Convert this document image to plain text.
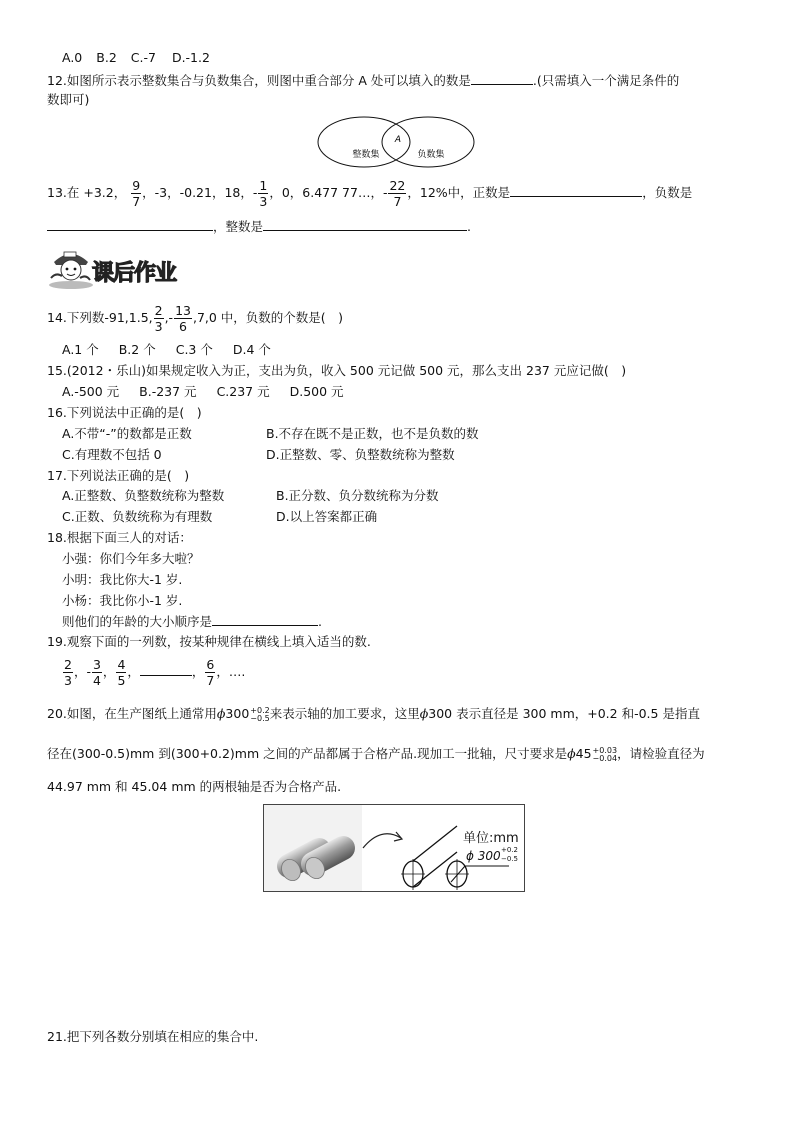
A.0 B.2 C.-7 D.-1.2
12.如图所示表示整数集合与负数集合，则图中重合部分 A 处可以填入的数是	.(只需填入一个满足条件的
数即可)
A
整数集	负数集
13.在 +3.2， $\frac{9}{7}$ ，-3，-0.21，18，- $\frac{1}{3}$ ，0，6.477 77…，- $\frac{22}{7}$ ，12%中，正数是	，负数是
，整数是	.
课后作业
14.下列数-91,1.5, $\frac{2}{3}$ ,- $\frac{13}{6} ,7,0$ 中，负数的个数是(　)
A.1 个 B.2 个 C.3 个 D.4 个
15.(2012・乐山)如果规定收入为正，支出为负，收入 500 元记做 500 元，那么支出 237 元应记做(　)
A.-500 元 B.-237 元 C.237 元 D.500 元
16.下列说法中正确的是(　)
A.不带“-”的数都是正数	B.不存在既不是正数，也不是负数的数
C.有理数不包括 0	D.正整数、零、负整数统称为整数
17.下列说法正确的是(　)
A.正整数、负整数统称为整数	B.正分数、负分数统称为分数
C.正数、负数统称为有理数	D.以上答案都正确
18.根据下面三人的对话：
小强：你们今年多大啦？
小明：我比你大-1 岁.
小杨：我比你小-1 岁.
则他们的年龄的大小顺序是	.
19.观察下面的一列数，按某种规律在横线上填入适当的数.
$\frac{2}{3}$ ，- $\frac{3}{4}$ ， $\frac{4}{5}$ ，	， $\frac{6}{7}$ ，….
20.如图，在生产图纸上通常用ϕ300 +0.2
−0.5 来表示轴的加工要求，这里ϕ300 表示直径是 300 mm，+0.2 和-0.5 是指直
径在(300-0.5)mm 到(300+0.2)mm 之间的产品都属于合格产品.现加工一批轴，尺寸要求是ϕ45 +0.03
−0.04 ，请检验直径为
44.97 mm 和 45.04 mm 的两根轴是否为合格产品.
单位:mm
ϕ 300 +0.2
−0.5
21.把下列各数分别填在相应的集合中.
